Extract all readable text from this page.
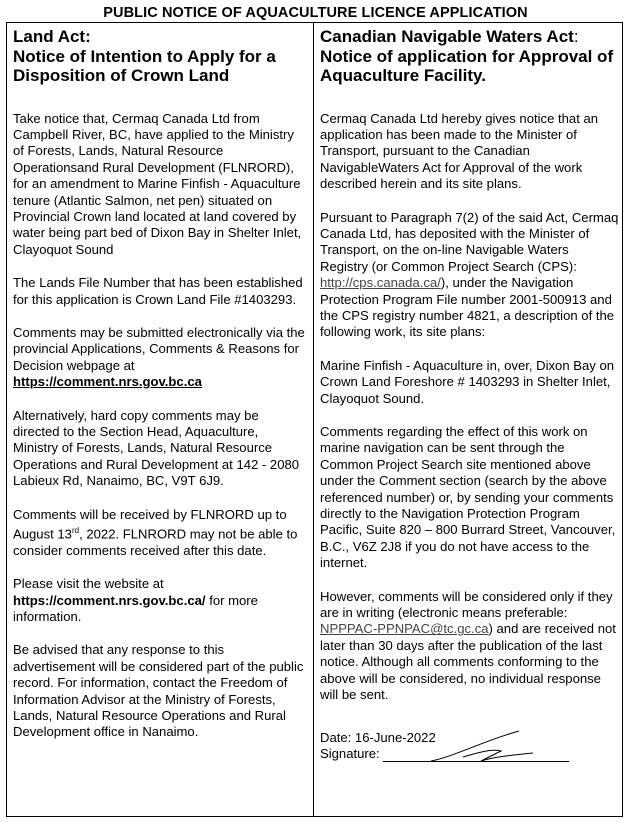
PUBLIC NOTICE OF AQUACULTURE LICENCE APPLICATION
Land Act:
Notice of Intention to Apply for a Disposition of Crown Land

Take notice that, Cermaq Canada Ltd from Campbell River, BC, have applied to the Ministry of Forests, Lands, Natural Resource Operationsand Rural Development (FLNRORD), for an amendment to Marine Finfish - Aquaculture tenure (Atlantic Salmon, net pen) situated on Provincial Crown land located at land covered by water being part bed of Dixon Bay in Shelter Inlet, Clayoquot Sound

The Lands File Number that has been established for this application is Crown Land File #1403293.

Comments may be submitted electronically via the provincial Applications, Comments & Reasons for Decision webpage at https://comment.nrs.gov.bc.ca

Alternatively, hard copy comments may be directed to the Section Head, Aquaculture, Ministry of Forests, Lands, Natural Resource Operations and Rural Development at 142 - 2080 Labieux Rd, Nanaimo, BC, V9T 6J9.

Comments will be received by FLNRORD up to August 13rd, 2022. FLNRORD may not be able to consider comments received after this date.

Please visit the website at
https://comment.nrs.gov.bc.ca/ for more information.

Be advised that any response to this advertisement will be considered part of the public record. For information, contact the Freedom of Information Advisor at the Ministry of Forests, Lands, Natural Resource Operations and Rural Development office in Nanaimo.

Canadian Navigable Waters Act:
Notice of application for Approval of Aquaculture Facility.

Cermaq Canada Ltd hereby gives notice that an application has been made to the Minister of Transport, pursuant to the Canadian NavigableWaters Act for Approval of the work described herein and its site plans.

Pursuant to Paragraph 7(2) of the said Act, Cermaq Canada Ltd, has deposited with the Minister of Transport, on the on-line Navigable Waters Registry (or Common Project Search (CPS): http://cps.canada.ca/), under the Navigation Protection Program File number 2001-500913 and the CPS registry number 4821, a description of the following work, its site plans:

Marine Finfish - Aquaculture in, over, Dixon Bay on Crown Land Foreshore # 1403293 in Shelter Inlet, Clayoquot Sound.

Comments regarding the effect of this work on marine navigation can be sent through the Common Project Search site mentioned above under the Comment section (search by the above referenced number) or, by sending your comments directly to the Navigation Protection Program Pacific, Suite 820 – 800 Burrard Street, Vancouver, B.C., V6Z 2J8 if you do not have access to the internet.

However, comments will be considered only if they are in writing (electronic means preferable: NPPPAC-PPNPAC@tc.gc.ca) and are received not later than 30 days after the publication of the last notice. Although all comments conforming to the above will be considered, no individual response will be sent.

Date: 16-June-2022
Signature:
